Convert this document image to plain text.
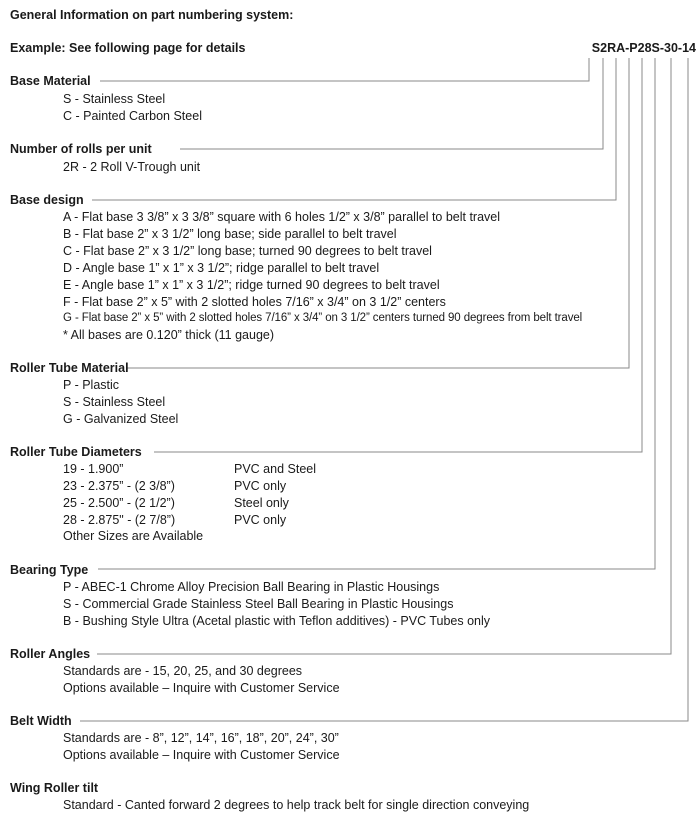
General Information on part numbering system:
Example: See following page for details	S2RA-P28S-30-14
Base Material
S - Stainless Steel
C - Painted Carbon Steel
Number of rolls per unit
2R - 2 Roll V-Trough unit
Base design
A - Flat base 3 3/8” x 3 3/8” square with 6 holes 1/2” x 3/8” parallel to belt travel
B - Flat base 2” x 3 1/2” long base; side parallel to belt travel
C - Flat base 2” x 3 1/2” long base; turned 90 degrees to belt travel
D - Angle base 1” x 1” x 3 1/2”; ridge parallel to belt travel
E - Angle base 1” x 1” x 3 1/2”; ridge turned 90 degrees to belt travel
F - Flat base 2” x 5” with 2 slotted holes 7/16” x 3/4” on 3 1/2” centers
G - Flat base 2” x 5” with 2 slotted holes 7/16” x 3/4” on 3 1/2” centers turned 90 degrees from belt travel
* All bases are 0.120” thick (11 gauge)
Roller Tube Material
P - Plastic
S - Stainless Steel
G - Galvanized Steel
Roller Tube Diameters
19 - 1.900”	PVC and Steel
23 - 2.375” - (2 3/8”)	PVC only
25 - 2.500” - (2 1/2”)	Steel only
28 - 2.875" - (2 7/8”)	PVC only
Other Sizes are Available
Bearing Type
P - ABEC-1 Chrome Alloy Precision Ball Bearing in Plastic Housings
S - Commercial Grade Stainless Steel Ball Bearing in Plastic Housings
B - Bushing Style Ultra (Acetal plastic with Teflon additives) - PVC Tubes only
Roller Angles
Standards are - 15, 20, 25, and 30 degrees
Options available – Inquire with Customer Service
Belt Width
Standards are - 8”, 12”, 14”, 16”, 18”, 20”, 24”, 30”
Options available – Inquire with Customer Service
Wing Roller tilt
Standard - Canted forward 2 degrees to help track belt for single direction conveying
